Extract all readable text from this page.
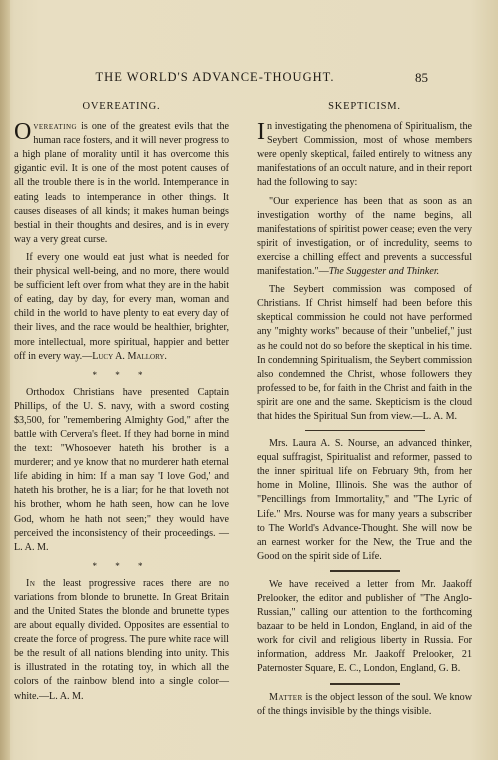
THE WORLD'S ADVANCE-THOUGHT.	85
OVEREATING.

Overeating is one of the greatest evils that the human race fosters, and it will never progress to a high plane of morality until it has overcome this gigantic evil. It is one of the most potent causes of all the trouble there is in the world. Intemperance in eating leads to intemperance in other things. It causes diseases of all kinds; it makes human beings bestial in their thoughts and desires, and is in every way a very great curse.

If every one would eat just what is needed for their physical well-being, and no more, there would be sufficient left over from what they are in the habit of eating, day by day, for every man, woman and child in the world to have plenty to eat every day of their lives, and the race would be healthier, brighter, more intellectual, more spiritual, happier and better off in every way.—Lucy A. Mallory.

* * *

Orthodox Christians have presented Captain Phillips, of the U. S. navy, with a sword costing $3,500, for "remembering Almighty God," after the battle with Cervera's fleet. If they had borne in mind the text: "Whosoever hateth his brother is a murderer; and ye know that no murderer hath eternal life abiding in him: If a man say 'I love God,' and hateth his brother, he is a liar; for he that loveth not his brother, whom he hath seen, how can he love God, whom he hath not seen;" they would have perceived the inconsistency of their proceedings. —L. A. M.

* * *

In the least progressive races there are no variations from blonde to brunette. In Great Britain and the United States the blonde and brunette types are about equally divided. Opposites are essential to create the force of progress. The pure white race will be the result of all nations blending into unity. This is illustrated in the rotating toy, in which all the colors of the rainbow blend into a single color—white.—L. A. M.

SKEPTICISM.

In investigating the phenomena of Spiritualism, the Seybert Commission, most of whose members were openly skeptical, failed entirely to witness any manifestations of an occult nature, and in their report had the following to say:

"Our experience has been that as soon as an investigation worthy of the name begins, all manifestations of spiritist power cease; even the very spirit of investigation, or of incredulity, seems to exercise a chilling effect and prevents a successful manifestation."—The Suggester and Thinker.

The Seybert commission was composed of Christians. If Christ himself had been before this skeptical commission he could not have performed any "mighty works" because of their "unbelief," just as he could not do so before the skeptical in his time. In condemning Spiritualism, the Seybert commission also condemned the Christ, whose followers they professed to be, for faith in the Christ and faith in the spirit are one and the same. Skepticism is the cloud that hides the Spiritual Sun from view.—L. A. M.

Mrs. Laura A. S. Nourse, an advanced thinker, equal suffragist, Spiritualist and reformer, passed to the inner spiritual life on February 9th, from her home in Moline, Illinois. She was the author of "Pencillings from Immortality," and "The Lyric of Life." Mrs. Nourse was for many years a subscriber to The World's Advance-Thought. She will now be an earnest worker for the New, the True and the Good on the spirit side of Life.

We have received a letter from Mr. Jaakoff Prelooker, the editor and publisher of "The Anglo-Russian," calling our attention to the forthcoming bazaar to be held in London, England, in aid of the work for civil and religious liberty in Russia. For information, address Mr. Jaakoff Prelooker, 21 Paternoster Square, E. C., London, England, G. B.

Matter is the object lesson of the soul. We know of the things invisible by the things visible.
